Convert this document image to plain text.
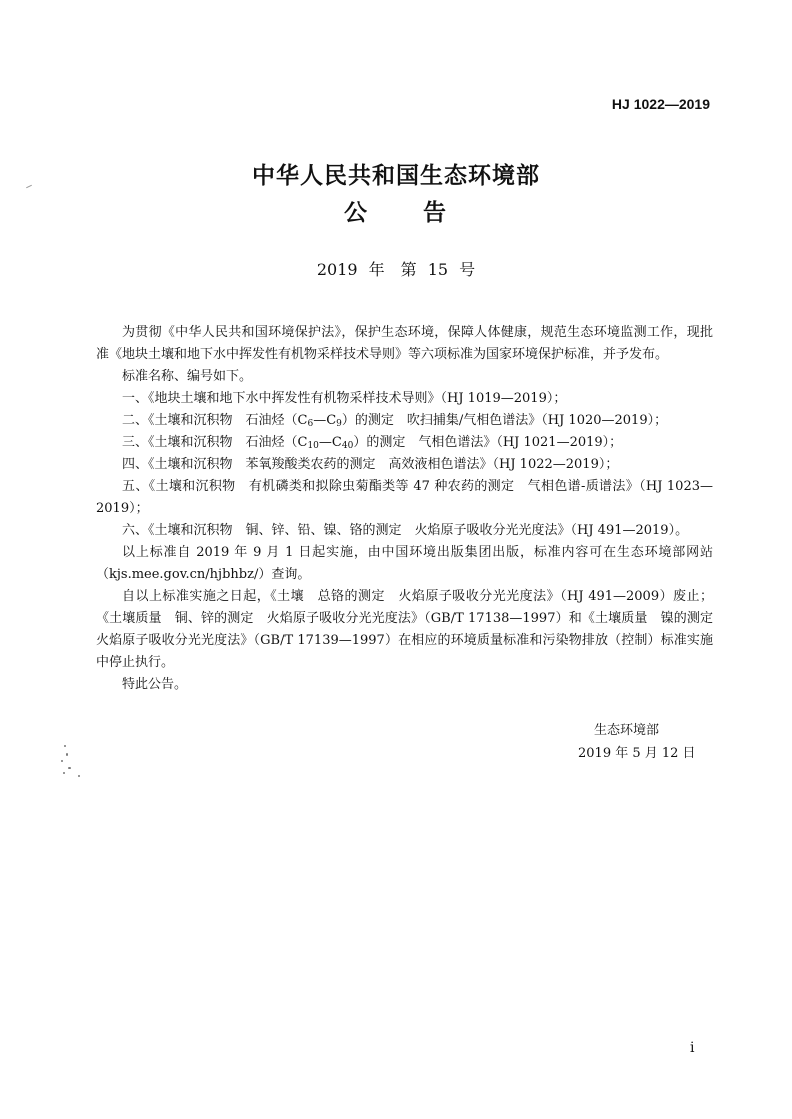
HJ 1022—2019
中华人民共和国生态环境部
公 告
2019 年　第 15 号

为贯彻《中华人民共和国环境保护法》，保护生态环境，保障人体健康，规范生态环境监测工作，现批准《地块土壤和地下水中挥发性有机物采样技术导则》等六项标准为国家环境保护标准，并予发布。

标准名称、编号如下。

一、《地块土壤和地下水中挥发性有机物采样技术导则》（HJ 1019—2019）；

二、《土壤和沉积物　石油烃$(C_6—C_9)$的测定　吹扫捕集/气相色谱法》（HJ 1020—2019）；

三、《土壤和沉积物　石油烃$(C_{10}—C_{40})$的测定　气相色谱法》（HJ 1021—2019）；

四、《土壤和沉积物　苯氧羧酸类农药的测定　高效液相色谱法》（HJ 1022—2019）；

五、《土壤和沉积物　有机磷类和拟除虫菊酯类等 47 种农药的测定　气相色谱-质谱法》（HJ 1023—2019）；

六、《土壤和沉积物　铜、锌、铅、镍、铬的测定　火焰原子吸收分光光度法》（HJ 491—2019）。

以上标准自 2019 年 9 月 1 日起实施，由中国环境出版集团出版，标准内容可在生态环境部网站（kjs.mee.gov.cn/hjbhbz/）查询。

自以上标准实施之日起，《土壤　总铬的测定　火焰原子吸收分光光度法》（HJ 491—2009）废止；《土壤质量　铜、锌的测定　火焰原子吸收分光光度法》（GB/T 17138—1997）和《土壤质量　镍的测定　火焰原子吸收分光光度法》（GB/T 17139—1997）在相应的环境质量标准和污染物排放（控制）标准实施中停止执行。

特此公告。

生态环境部
2019 年 5 月 12 日
i
